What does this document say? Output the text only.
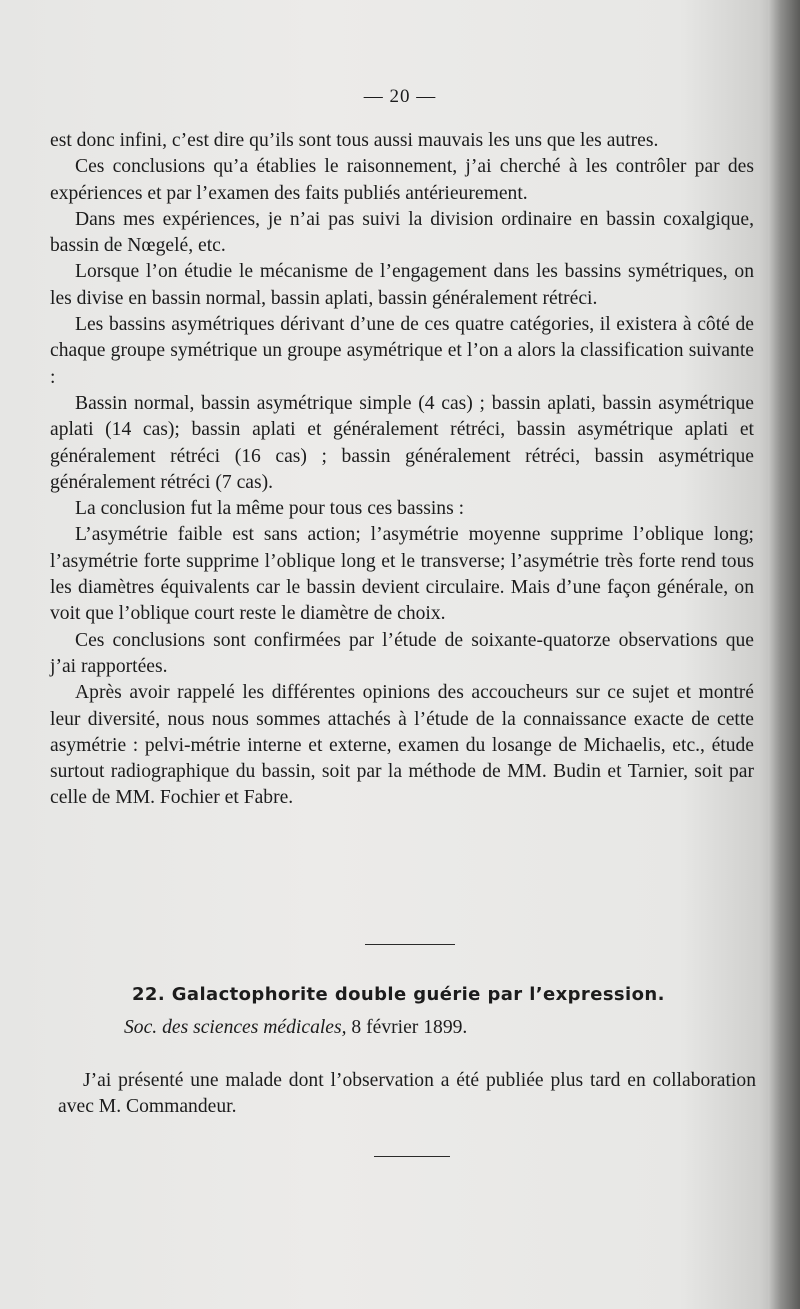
— 20 —

est donc infini, c’est dire qu’ils sont tous aussi mauvais les uns que les autres.

Ces conclusions qu’a établies le raisonnement, j’ai cherché à les contrôler par des expériences et par l’examen des faits publiés antérieurement.

Dans mes expériences, je n’ai pas suivi la division ordinaire en bassin coxalgique, bassin de Nœgelé, etc.

Lorsque l’on étudie le mécanisme de l’engagement dans les bassins symétriques, on les divise en bassin normal, bassin aplati, bassin généralement rétréci.

Les bassins asymétriques dérivant d’une de ces quatre catégories, il existera à côté de chaque groupe symétrique un groupe asymétrique et l’on a alors la classification suivante :

Bassin normal, bassin asymétrique simple (4 cas) ; bassin aplati, bassin asymétrique aplati (14 cas); bassin aplati et généralement rétréci, bassin asymétrique aplati et généralement rétréci (16 cas) ; bassin généralement rétréci, bassin asymétrique généralement rétréci (7 cas).

La conclusion fut la même pour tous ces bassins :

L’asymétrie faible est sans action; l’asymétrie moyenne supprime l’oblique long; l’asymétrie forte supprime l’oblique long et le transverse; l’asymétrie très forte rend tous les diamètres équivalents car le bassin devient circulaire. Mais d’une façon générale, on voit que l’oblique court reste le diamètre de choix.

Ces conclusions sont confirmées par l’étude de soixante-quatorze observations que j’ai rapportées.

Après avoir rappelé les différentes opinions des accoucheurs sur ce sujet et montré leur diversité, nous nous sommes attachés à l’étude de la connaissance exacte de cette asymétrie : pelvi-métrie interne et externe, examen du losange de Michaelis, etc., étude surtout radiographique du bassin, soit par la méthode de MM. Budin et Tarnier, soit par celle de MM. Fochier et Fabre.

22. Galactophorite double guérie par l’expression.
Soc. des sciences médicales, 8 février 1899.

J’ai présenté une malade dont l’observation a été publiée plus tard en collaboration avec M. Commandeur.
